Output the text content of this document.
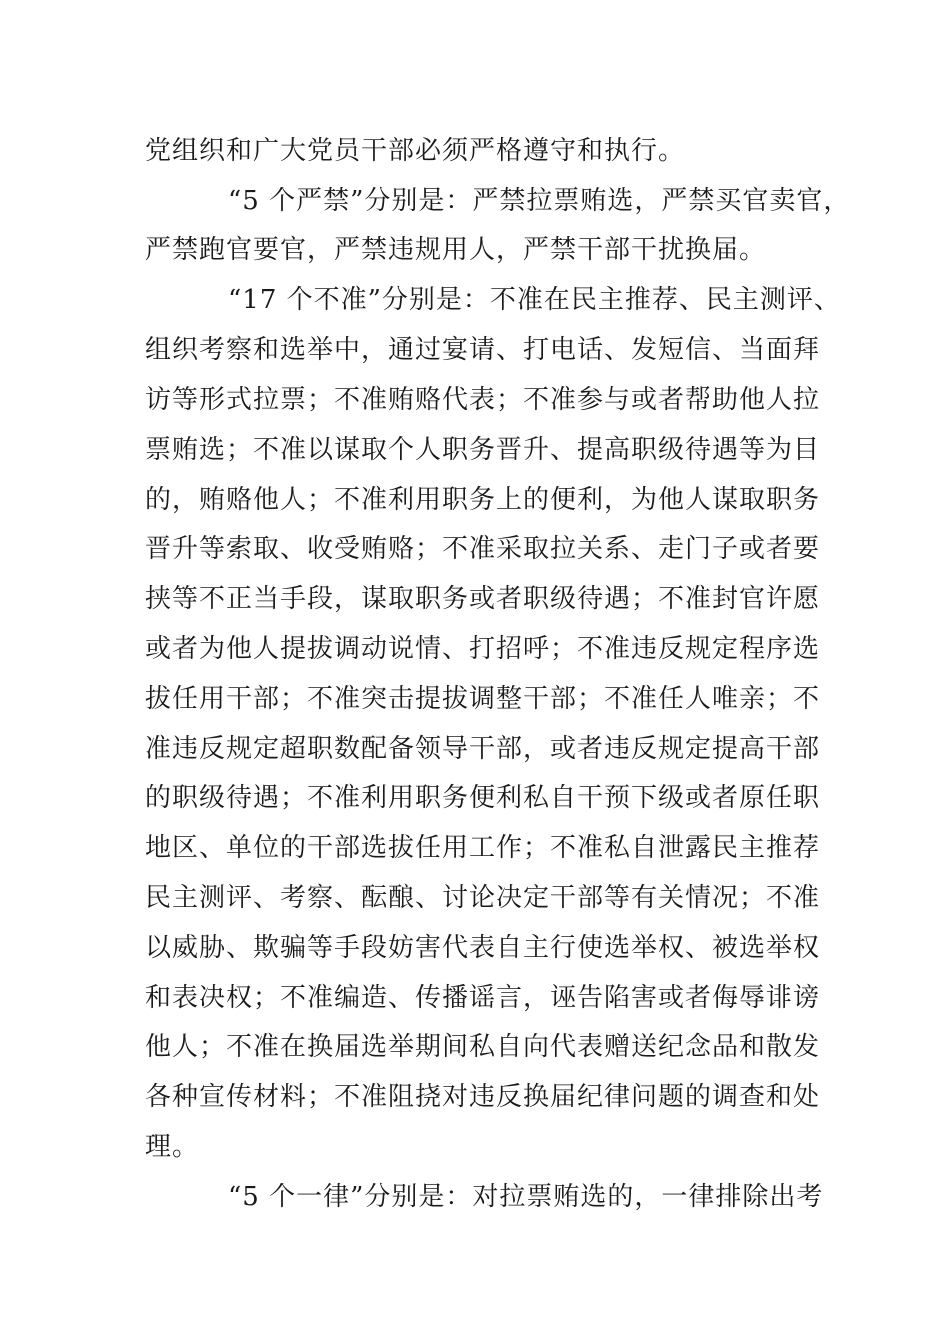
党组织和广大党员干部必须严格遵守和执行。
“5 个严禁”分别是：严禁拉票贿选，严禁买官卖官，
严禁跑官要官，严禁违规用人，严禁干部干扰换届。
“17 个不准”分别是：不准在民主推荐、民主测评、
组织考察和选举中，通过宴请、打电话、发短信、当面拜
访等形式拉票；不准贿赂代表；不准参与或者帮助他人拉
票贿选；不准以谋取个人职务晋升、提高职级待遇等为目
的，贿赂他人；不准利用职务上的便利，为他人谋取职务
晋升等索取、收受贿赂；不准采取拉关系、走门子或者要
挟等不正当手段，谋取职务或者职级待遇；不准封官许愿
或者为他人提拔调动说情、打招呼；不准违反规定程序选
拔任用干部；不准突击提拔调整干部；不准任人唯亲；不
准违反规定超职数配备领导干部，或者违反规定提高干部
的职级待遇；不准利用职务便利私自干预下级或者原任职
地区、单位的干部选拔任用工作；不准私自泄露民主推荐
民主测评、考察、酝酿、讨论决定干部等有关情况；不准
以威胁、欺骗等手段妨害代表自主行使选举权、被选举权
和表决权；不准编造、传播谣言，诬告陷害或者侮辱诽谤
他人；不准在换届选举期间私自向代表赠送纪念品和散发
各种宣传材料；不准阻挠对违反换届纪律问题的调查和处
理。
“5 个一律”分别是：对拉票贿选的，一律排除出考
